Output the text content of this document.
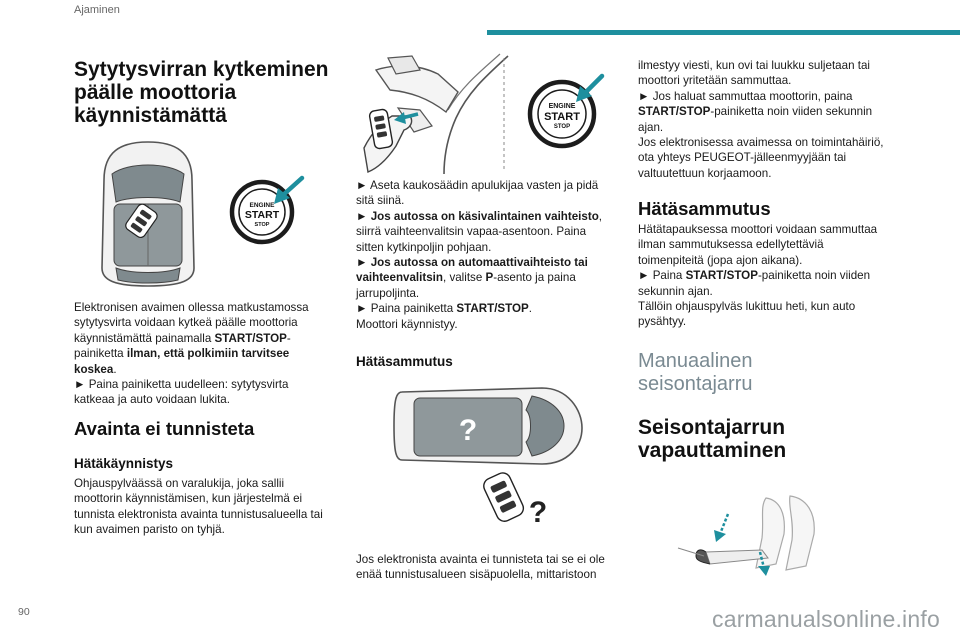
Ajaminen
Sytytysvirran kytkeminen
päälle moottoria
käynnistämättä
ENGINE
START
STOP
Elektronisen avaimen ollessa matkustamossa
sytytysvirta voidaan kytkeä päälle moottoria
käynnistämättä painamalla START/STOP-
painiketta ilman, että polkimiin tarvitsee
koskea.
► Paina painiketta uudelleen: sytytysvirta
katkeaa ja auto voidaan lukita.
Avainta ei tunnisteta
Hätäkäynnistys
Ohjauspylväässä on varalukija, joka sallii
moottorin käynnistämisen, kun järjestelmä ei
tunnista elektronista avainta tunnistusalueella tai
kun avaimen paristo on tyhjä.
ENGINE
START
STOP
► Aseta kaukosäädin apulukijaa vasten ja pidä
sitä siinä.
► Jos autossa on käsivalintainen vaihteisto,
siirrä vaihteenvalitsin vapaa-asentoon. Paina
sitten kytkinpoljin pohjaan.
► Jos autossa on automaattivaihteisto tai
vaihteenvalitsin, valitse P-asento ja paina
jarrupoljinta.
► Paina painiketta START/STOP.
Moottori käynnistyy.
Hätäsammutus
?
?
Jos elektronista avainta ei tunnisteta tai se ei ole
enää tunnistusalueen sisäpuolella, mittaristoon
ilmestyy viesti, kun ovi tai luukku suljetaan tai
moottori yritetään sammuttaa.
► Jos haluat sammuttaa moottorin, paina
START/STOP-painiketta noin viiden sekunnin
ajan.
Jos elektronisessa avaimessa on toimintahäiriö,
ota yhteys PEUGEOT-jälleenmyyjään tai
valtuutettuun korjaamoon.
Hätäsammutus
Hätätapauksessa moottori voidaan sammuttaa
ilman sammutuksessa edellytettäviä
toimenpiteitä (jopa ajon aikana).
► Paina START/STOP-painiketta noin viiden
sekunnin ajan.
Tällöin ohjauspylväs lukittuu heti, kun auto
pysähtyy.
Manuaalinen
seisontajarru
Seisontajarrun
vapauttaminen
90	carmanualsonline.info
